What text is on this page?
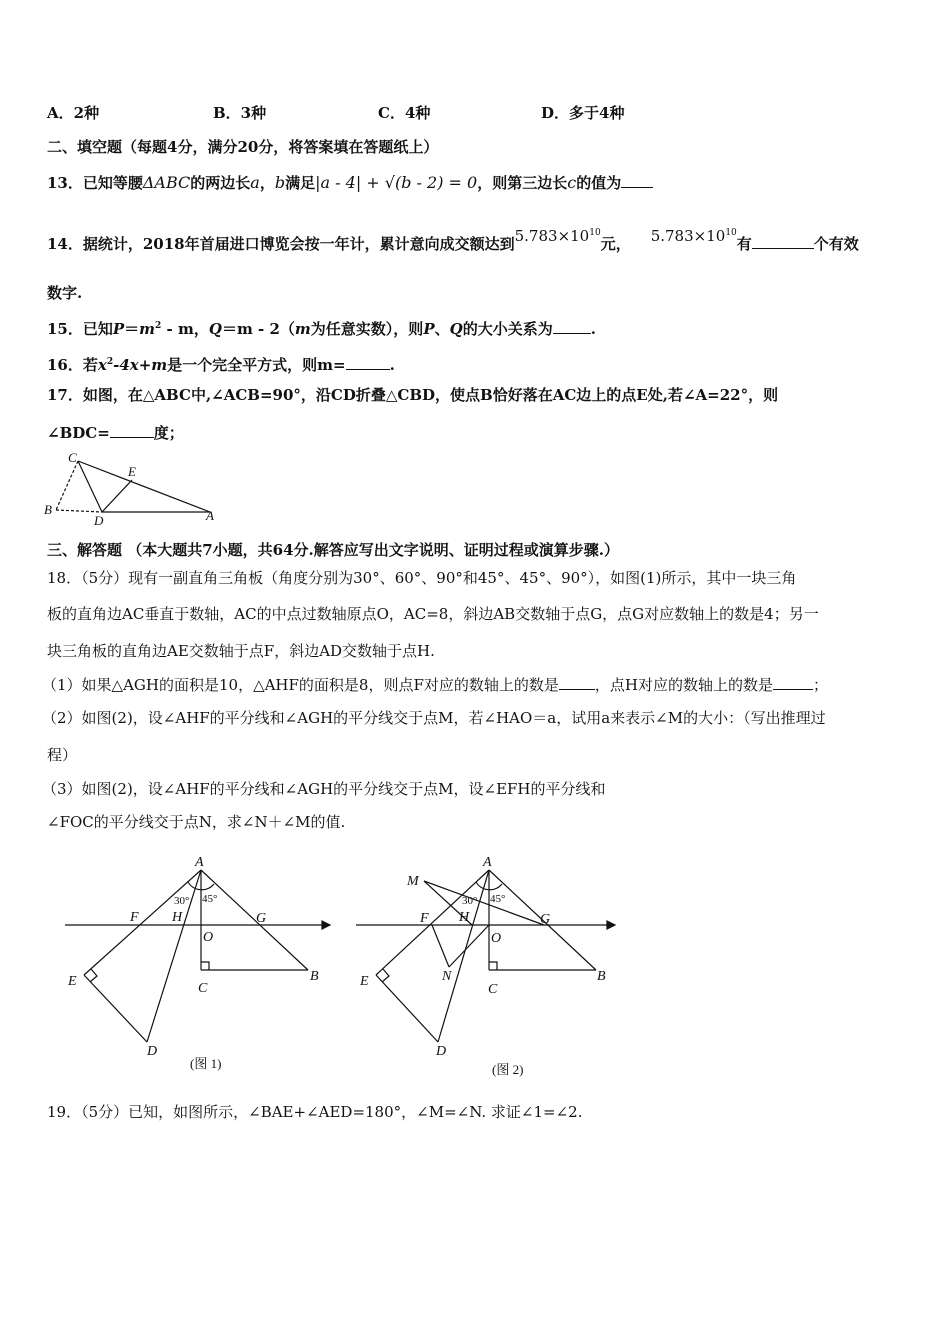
A．2种	B．3种	C．4种	D．多于4种
二、填空题（每题4分，满分20分，将答案填在答题纸上）
13．已知等腰ΔABC的两边长a，b满足|a - 4| + √(b - 2) = 0，则第三边长c的值为
14．据统计，2018年首届进口博览会按一年计，累计意向成交额达到$5.783\times 10^{10}$元， $5.783\times 10^{10}$有	个有效
数字.
15．已知$P=m^2 - m$，Q＝m - 2（m为任意实数），则P、Q的大小关系为	.
16．若$x^2-4x+m$是一个完全平方式，则m=	.
17．如图，在△ABC中,∠ACB=90°，沿CD折叠△CBD，使点B恰好落在AC边上的点E处,若∠A=22°，则
∠BDC=	度；
C
E
B
D	A
三、解答题 （本大题共7小题，共64分.解答应写出文字说明、证明过程或演算步骤.）
18．（5分）现有一副直角三角板（角度分别为30°、60°、90°和45°、45°、90°），如图(1)所示，其中一块三角
板的直角边AC垂直于数轴，AC的中点过数轴原点O，AC=8，斜边AB交数轴于点G，点G对应数轴上的数是4；另一
块三角板的直角边AE交数轴于点F，斜边AD交数轴于点H.
（1）如果△AGH的面积是10，△AHF的面积是8，则点F对应的数轴上的数是 ，点H对应的数轴上的数是	；
（2）如图(2)，设∠AHF的平分线和∠AGH的平分线交于点M，若∠HAO＝a，试用a来表示∠M的大小：（写出推理过
程）
（3）如图(2)，设∠AHF的平分线和∠AGH的平分线交于点M，设∠EFH的平分线和
∠FOC的平分线交于点N，求∠N＋∠M的值.
A
F H	G
O
E	C
B
D
30° 45°
(图 1)
A
M
F H	G
O
N
E
C
B
D
30° 45°
(图 2)
19．（5分）已知，如图所示，∠BAE+∠AED=180°，∠M=∠N. 求证∠1=∠2.
